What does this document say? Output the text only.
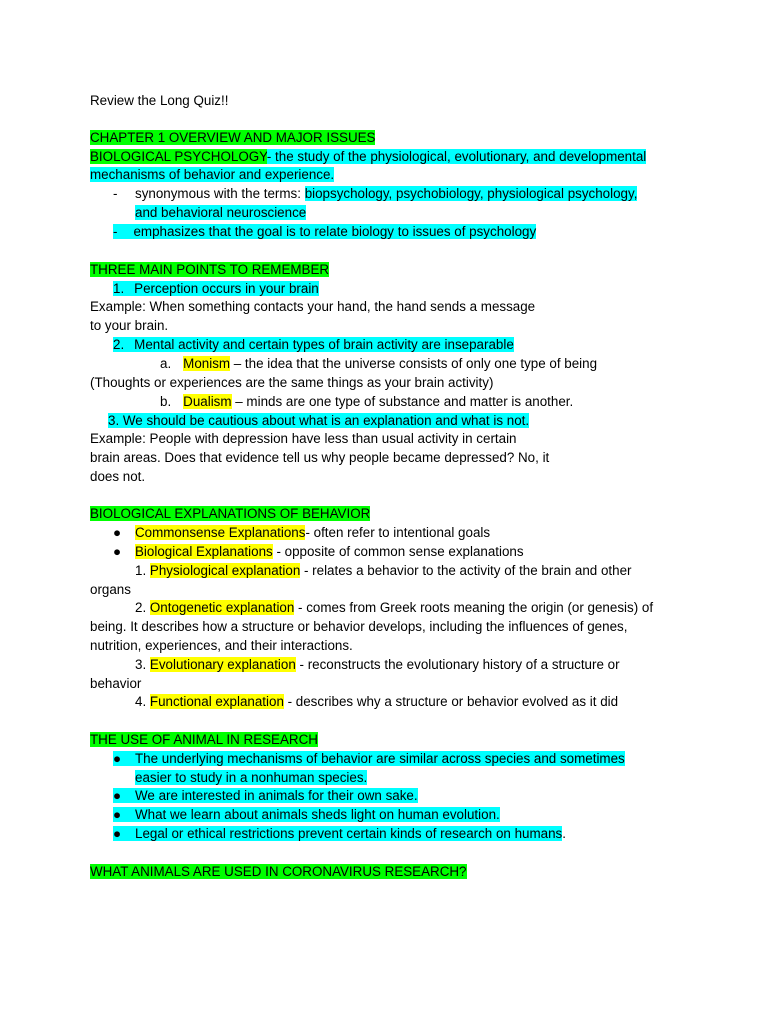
Review the Long Quiz!!
CHAPTER 1 OVERVIEW AND MAJOR ISSUES
BIOLOGICAL PSYCHOLOGY- the study of the physiological, evolutionary, and developmental
mechanisms of behavior and experience.
- synonymous with the terms: biopsychology, psychobiology, physiological psychology,
and behavioral neuroscience
- emphasizes that the goal is to relate biology to issues of psychology
THREE MAIN POINTS TO REMEMBER
1. Perception occurs in your brain
Example: When something contacts your hand, the hand sends a message
to your brain.
2. Mental activity and certain types of brain activity are inseparable
a. Monism – the idea that the universe consists of only one type of being
(Thoughts or experiences are the same things as your brain activity)
b. Dualism – minds are one type of substance and matter is another.
3. We should be cautious about what is an explanation and what is not.
Example: People with depression have less than usual activity in certain
brain areas. Does that evidence tell us why people became depressed? No, it
does not.
BIOLOGICAL EXPLANATIONS OF BEHAVIOR
● Commonsense Explanations- often refer to intentional goals
● Biological Explanations - opposite of common sense explanations
1. Physiological explanation - relates a behavior to the activity of the brain and other
organs
2. Ontogenetic explanation - comes from Greek roots meaning the origin (or genesis) of
being. It describes how a structure or behavior develops, including the influences of genes,
nutrition, experiences, and their interactions.
3. Evolutionary explanation - reconstructs the evolutionary history of a structure or
behavior
4. Functional explanation - describes why a structure or behavior evolved as it did
THE USE OF ANIMAL IN RESEARCH
● The underlying mechanisms of behavior are similar across species and sometimes
easier to study in a nonhuman species.
● We are interested in animals for their own sake.
● What we learn about animals sheds light on human evolution.
● Legal or ethical restrictions prevent certain kinds of research on humans.
WHAT ANIMALS ARE USED IN CORONAVIRUS RESEARCH?
